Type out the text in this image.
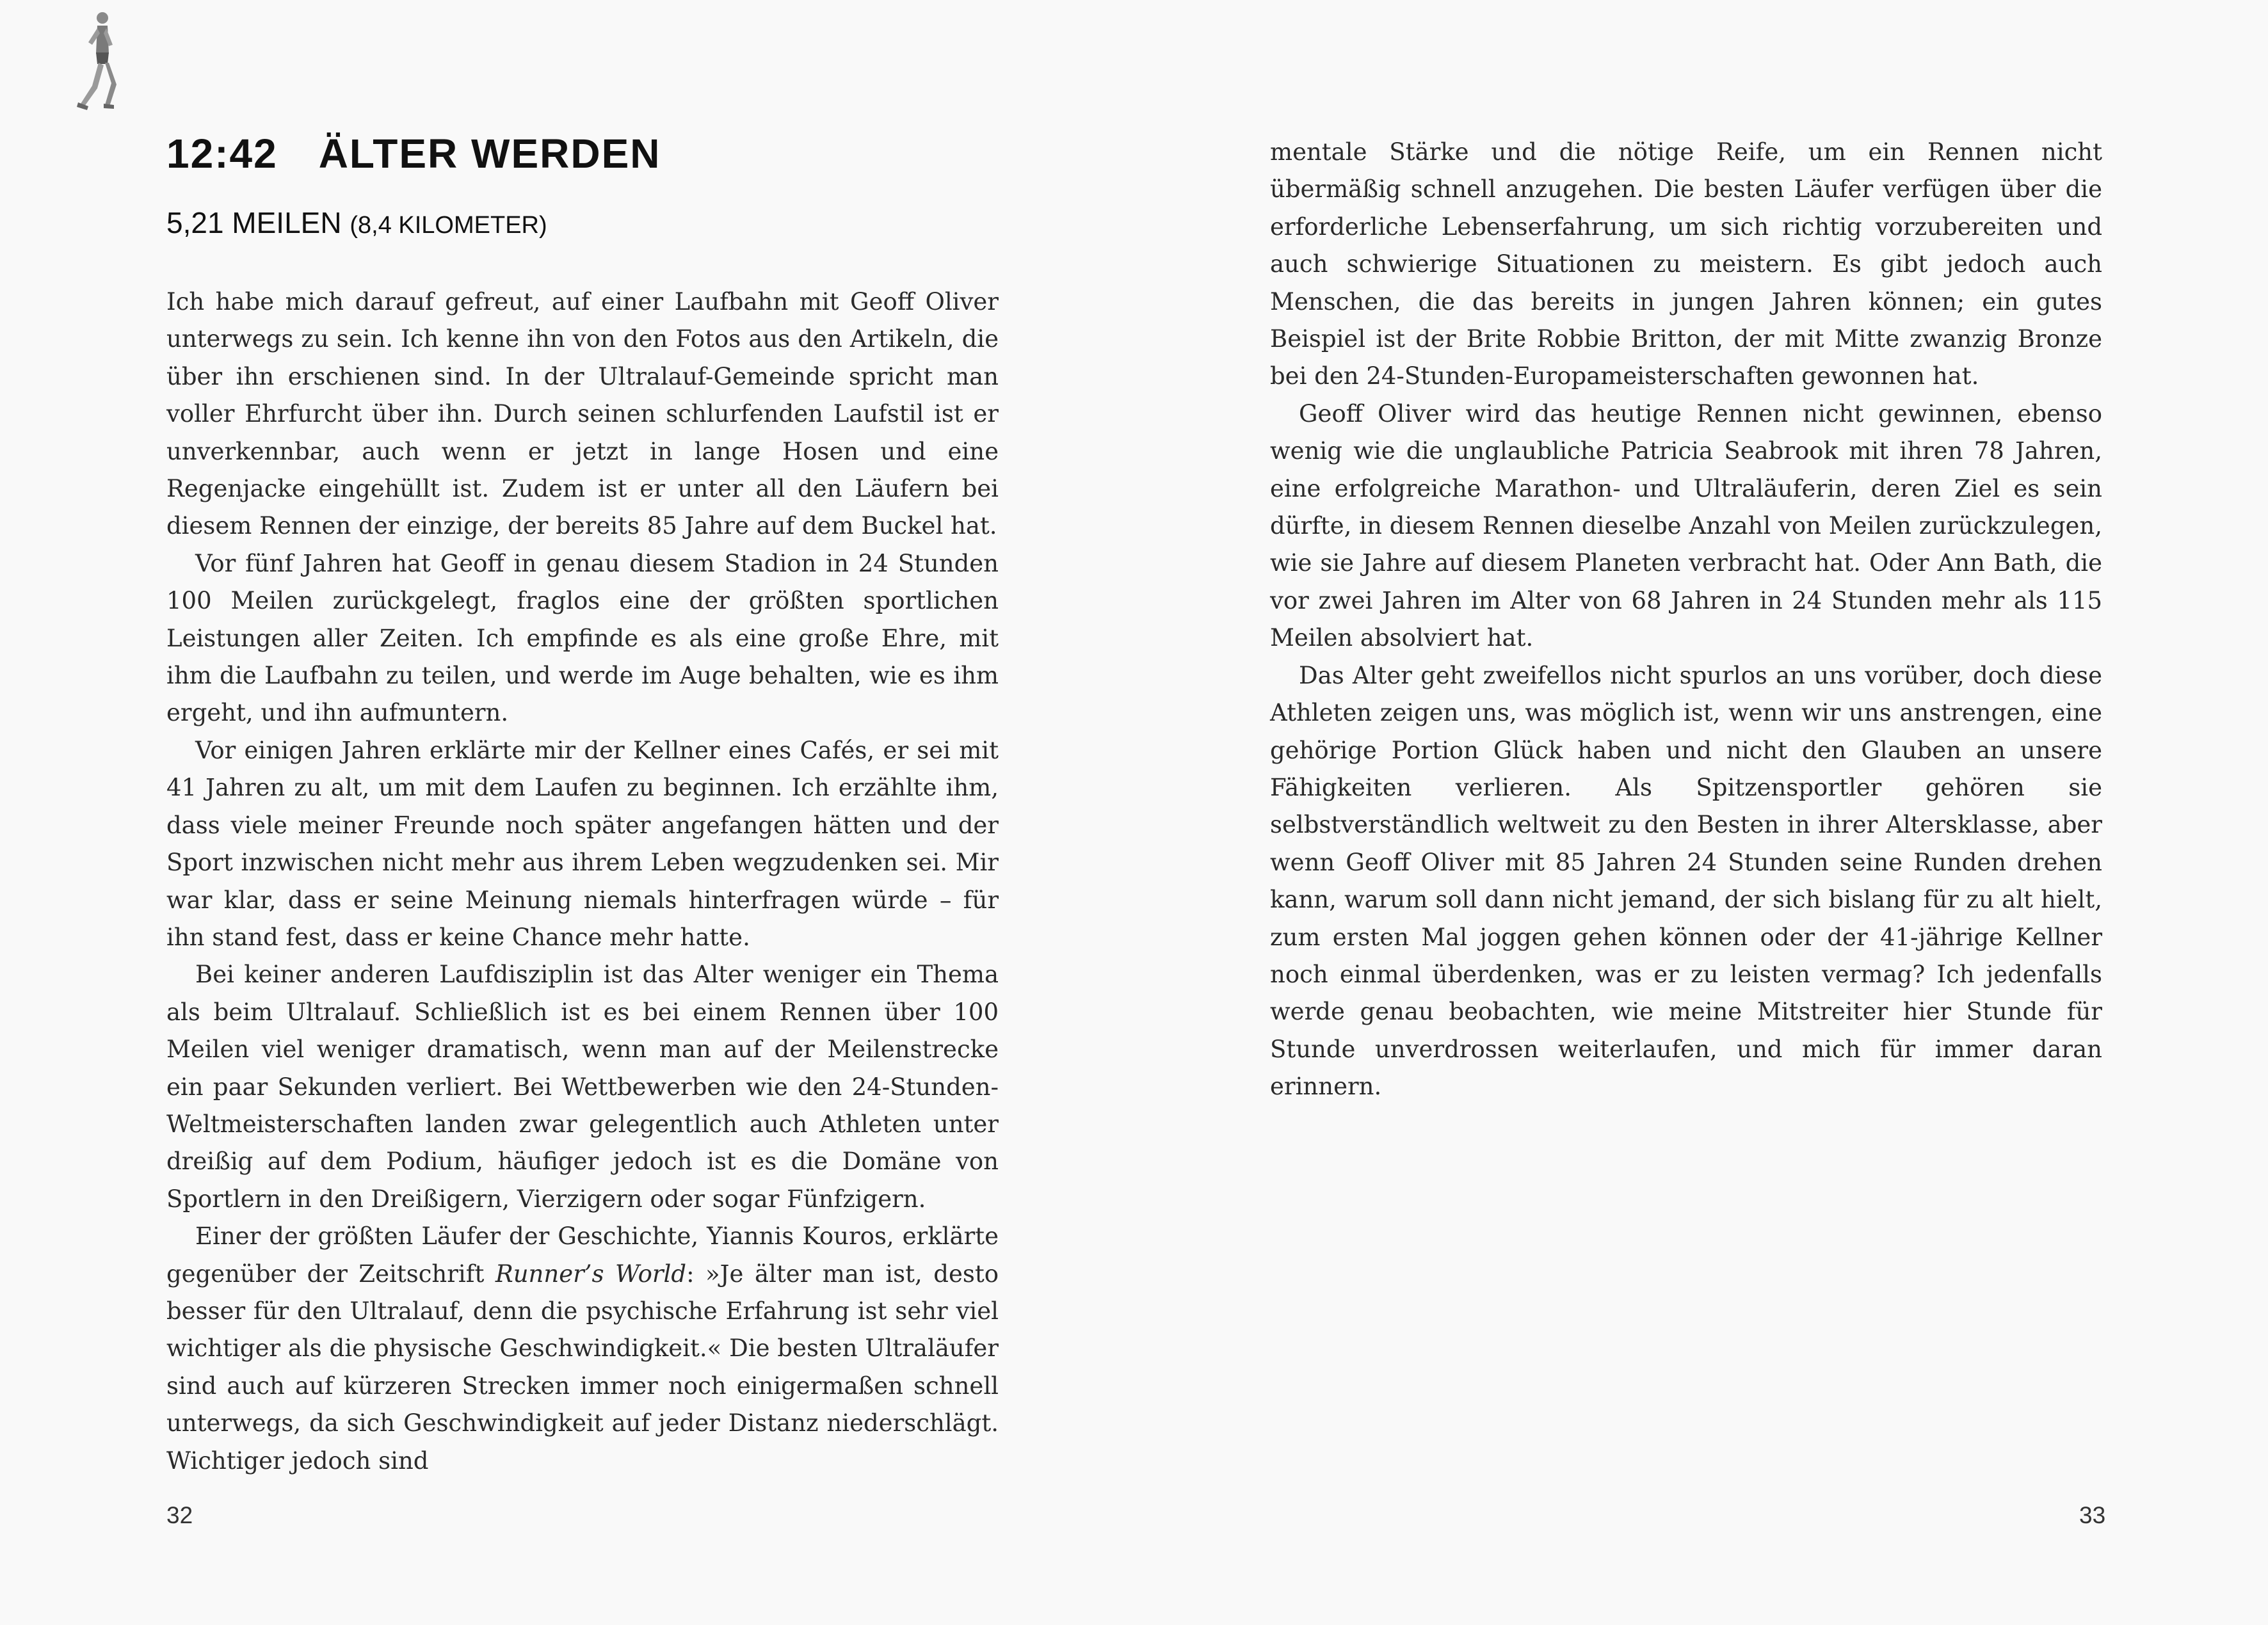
12:42 ÄLTER WERDEN
5,21 MEILEN (8,4 KILOMETER)

Ich habe mich darauf gefreut, auf einer Laufbahn mit Geoff Oliver unterwegs zu sein. Ich kenne ihn von den Fotos aus den Artikeln, die über ihn erschienen sind. In der Ultralauf-Gemeinde spricht man voller Ehrfurcht über ihn. Durch seinen schlurfenden Laufstil ist er unverkennbar, auch wenn er jetzt in lange Hosen und eine Regenjacke eingehüllt ist. Zudem ist er unter all den Läufern bei diesem Rennen der einzige, der bereits 85 Jahre auf dem Buckel hat.

Vor fünf Jahren hat Geoff in genau diesem Stadion in 24 Stunden 100 Meilen zurückgelegt, fraglos eine der größten sportlichen Leistungen aller Zeiten. Ich empfinde es als eine große Ehre, mit ihm die Laufbahn zu teilen, und werde im Auge behalten, wie es ihm ergeht, und ihn aufmuntern.

Vor einigen Jahren erklärte mir der Kellner eines Cafés, er sei mit 41 Jahren zu alt, um mit dem Laufen zu beginnen. Ich erzählte ihm, dass viele meiner Freunde noch später angefangen hätten und der Sport inzwischen nicht mehr aus ihrem Leben wegzudenken sei. Mir war klar, dass er seine Meinung niemals hinterfragen würde – für ihn stand fest, dass er keine Chance mehr hatte.

Bei keiner anderen Laufdisziplin ist das Alter weniger ein Thema als beim Ultralauf. Schließlich ist es bei einem Rennen über 100 Meilen viel weniger dramatisch, wenn man auf der Meilenstrecke ein paar Sekunden verliert. Bei Wettbewerben wie den 24-Stunden-Weltmeisterschaften landen zwar gelegentlich auch Athleten unter dreißig auf dem Podium, häufiger jedoch ist es die Domäne von Sportlern in den Dreißigern, Vierzigern oder sogar Fünfzigern.

Einer der größten Läufer der Geschichte, Yiannis Kouros, erklärte gegenüber der Zeitschrift Runner’s World: »Je älter man ist, desto besser für den Ultralauf, denn die psychische Erfahrung ist sehr viel wichtiger als die physische Geschwindigkeit.« Die besten Ultraläufer sind auch auf kürzeren Strecken immer noch einigermaßen schnell unterwegs, da sich Geschwindigkeit auf jeder Distanz niederschlägt. Wichtiger jedoch sind

32

mentale Stärke und die nötige Reife, um ein Rennen nicht übermäßig schnell anzugehen. Die besten Läufer verfügen über die erforderliche Lebenserfahrung, um sich richtig vorzubereiten und auch schwierige Situationen zu meistern. Es gibt jedoch auch Menschen, die das bereits in jungen Jahren können; ein gutes Beispiel ist der Brite Robbie Britton, der mit Mitte zwanzig Bronze bei den 24-Stunden-Europameisterschaften gewonnen hat.

Geoff Oliver wird das heutige Rennen nicht gewinnen, ebenso wenig wie die unglaubliche Patricia Seabrook mit ihren 78 Jahren, eine erfolgreiche Marathon- und Ultraläuferin, deren Ziel es sein dürfte, in diesem Rennen dieselbe Anzahl von Meilen zurückzulegen, wie sie Jahre auf diesem Planeten verbracht hat. Oder Ann Bath, die vor zwei Jahren im Alter von 68 Jahren in 24 Stunden mehr als 115 Meilen absolviert hat.

Das Alter geht zweifellos nicht spurlos an uns vorüber, doch diese Athleten zeigen uns, was möglich ist, wenn wir uns anstrengen, eine gehörige Portion Glück haben und nicht den Glauben an unsere Fähigkeiten verlieren. Als Spitzensportler gehören sie selbstverständlich weltweit zu den Besten in ihrer Altersklasse, aber wenn Geoff Oliver mit 85 Jahren 24 Stunden seine Runden drehen kann, warum soll dann nicht jemand, der sich bislang für zu alt hielt, zum ersten Mal joggen gehen können oder der 41-jährige Kellner noch einmal überdenken, was er zu leisten vermag? Ich jedenfalls werde genau beobachten, wie meine Mitstreiter hier Stunde für Stunde unverdrossen weiterlaufen, und mich für immer daran erinnern.

33
